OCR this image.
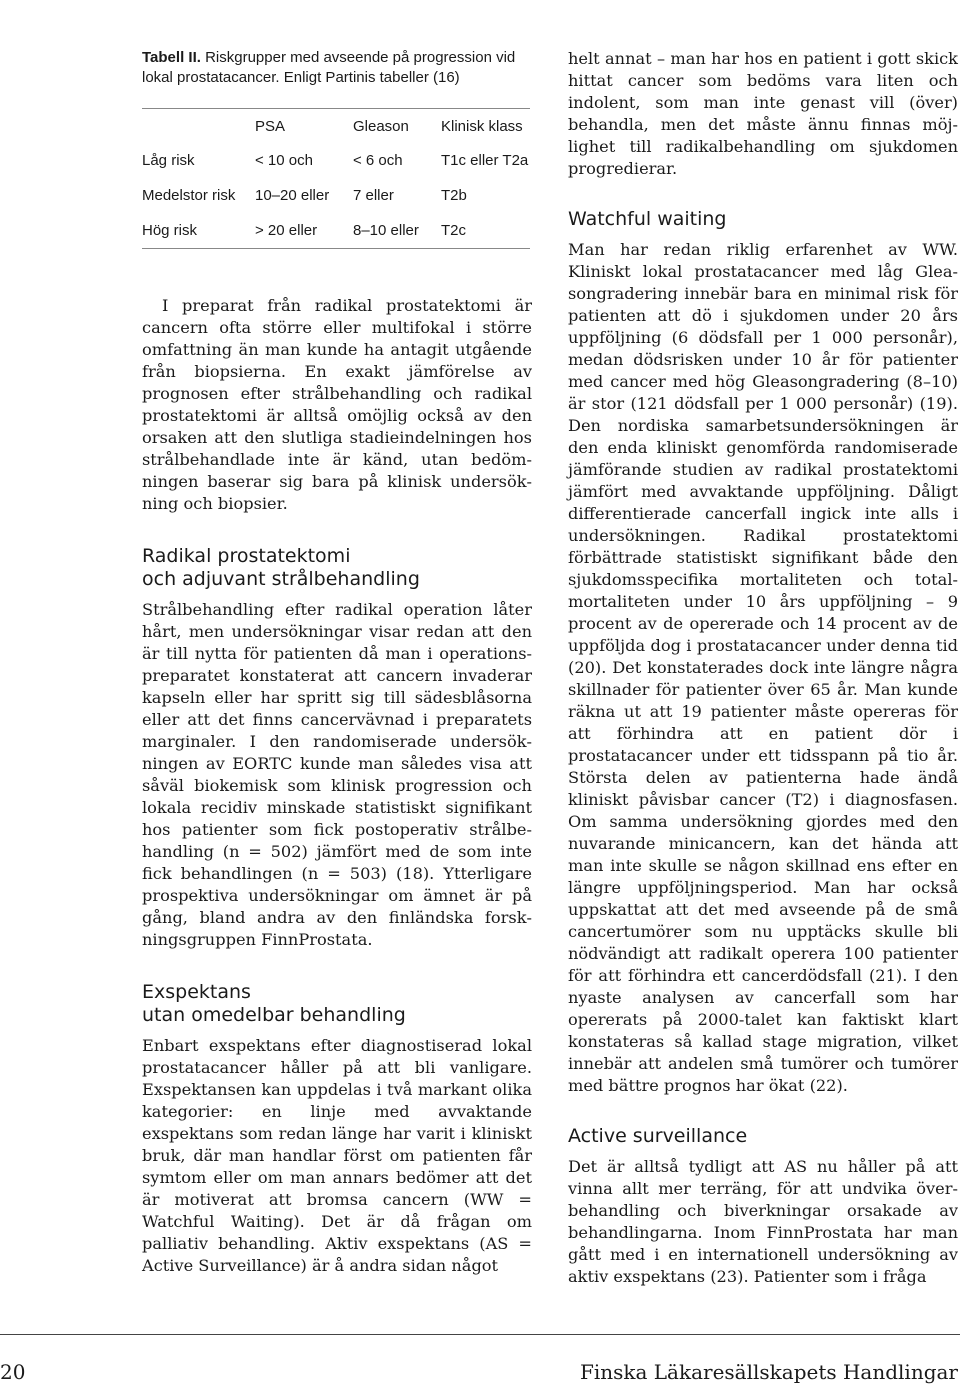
Tabell II. Riskgrupper med avseende på progression vid lokal prostatacancer. Enligt Partinis tabeller (16)

	PSA	Gleason	Klinisk klass
Låg risk	< 10 och	< 6 och	T1c eller T2a
Medelstor risk	10–20 eller	7 eller	T2b
Hög risk	> 20 eller	8–10 eller	T2c

I preparat från radikal prostatektomi är cancern ofta större eller multifokal i större omfattning än man kunde ha antagit utgående från biopsierna. En exakt jämförelse av prognosen efter strålbehandling och radikal prostatektomi är alltså omöjlig också av den orsaken att den slutliga stadieindelningen hos strålbehandlade inte är känd, utan bedömningen baserar sig bara på klinisk undersökning och biopsier.

Radikal prostatektomi
och adjuvant strålbehandling

Strålbehandling efter radikal operation låter hårt, men undersökningar visar redan att den är till nytta för patienten då man i operationspreparatet konstaterat att cancern invaderar kapseln eller har spritt sig till sädesblåsorna eller att det finns cancervävnad i preparatets marginaler. I den randomiserade undersökningen av EORTC kunde man således visa att såväl biokemisk som klinisk progression och lokala recidiv minskade statistiskt signifikant hos patienter som fick postoperativ strålbehandling (n = 502) jämfört med de som inte fick behandlingen (n = 503) (18). Ytterligare prospektiva undersökningar om ämnet är på gång, bland andra av den finländska forskningsgruppen FinnProstata.

Exspektans
utan omedelbar behandling

Enbart exspektans efter diagnostiserad lokal prostatacancer håller på att bli vanligare. Exspektansen kan uppdelas i två markant olika kategorier: en linje med avvaktande exspektans som redan länge har varit i kliniskt bruk, där man handlar först om patienten får symtom eller om man annars bedömer att det är motiverat att bromsa cancern (WW = Watchful Waiting). Det är då frågan om palliativ behandling. Aktiv exspektans (AS = Active Surveillance) är å andra sidan något

helt annat – man har hos en patient i gott skick hittat cancer som bedöms vara liten och indolent, som man inte genast vill (över) behandla, men det måste ännu finnas möjlighet till radikalbehandling om sjukdomen progredierar.

Watchful waiting

Man har redan riklig erfarenhet av WW. Kliniskt lokal prostatacancer med låg Gleasongradering innebär bara en minimal risk för patienten att dö i sjukdomen under 20 års uppföljning (6 dödsfall per 1 000 personår), medan dödsrisken under 10 år för patienter med cancer med hög Gleasongradering (8–10) är stor (121 dödsfall per 1 000 personår) (19). Den nordiska samarbetsundersökningen är den enda kliniskt genomförda randomiserade jämförande studien av radikal prostatektomi jämfört med avvaktande uppföljning. Dåligt differentierade cancerfall ingick inte alls i undersökningen. Radikal prostatektomi förbättrade statistiskt signifikant både den sjukdomsspecifika mortaliteten och totalmortaliteten under 10 års uppföljning – 9 procent av de opererade och 14 procent av de uppföljda dog i prostatacancer under denna tid (20). Det konstaterades dock inte längre några skillnader för patienter över 65 år. Man kunde räkna ut att 19 patienter måste opereras för att förhindra att en patient dör i prostatacancer under ett tidsspann på tio år. Största delen av patienterna hade ändå kliniskt påvisbar cancer (T2) i diagnosfasen. Om samma undersökning gjordes med den nuvarande minicancern, kan det hända att man inte skulle se någon skillnad ens efter en längre uppföljningsperiod. Man har också uppskattat att det med avseende på de små cancertumörer som nu upptäcks skulle bli nödvändigt att radikalt operera 100 patienter för att förhindra ett cancerdödsfall (21). I den nyaste analysen av cancerfall som har opererats på 2000-talet kan faktiskt klart konstateras så kallad stage migration, vilket innebär att andelen små tumörer och tumörer med bättre prognos har ökat (22).

Active surveillance

Det är alltså tydligt att AS nu håller på att vinna allt mer terräng, för att undvika överbehandling och biverkningar orsakade av behandlingarna. Inom FinnProstata har man gått med i en internationell undersökning av aktiv exspektans (23). Patienter som i fråga

20	Finska Läkaresällskapets Handlingar
